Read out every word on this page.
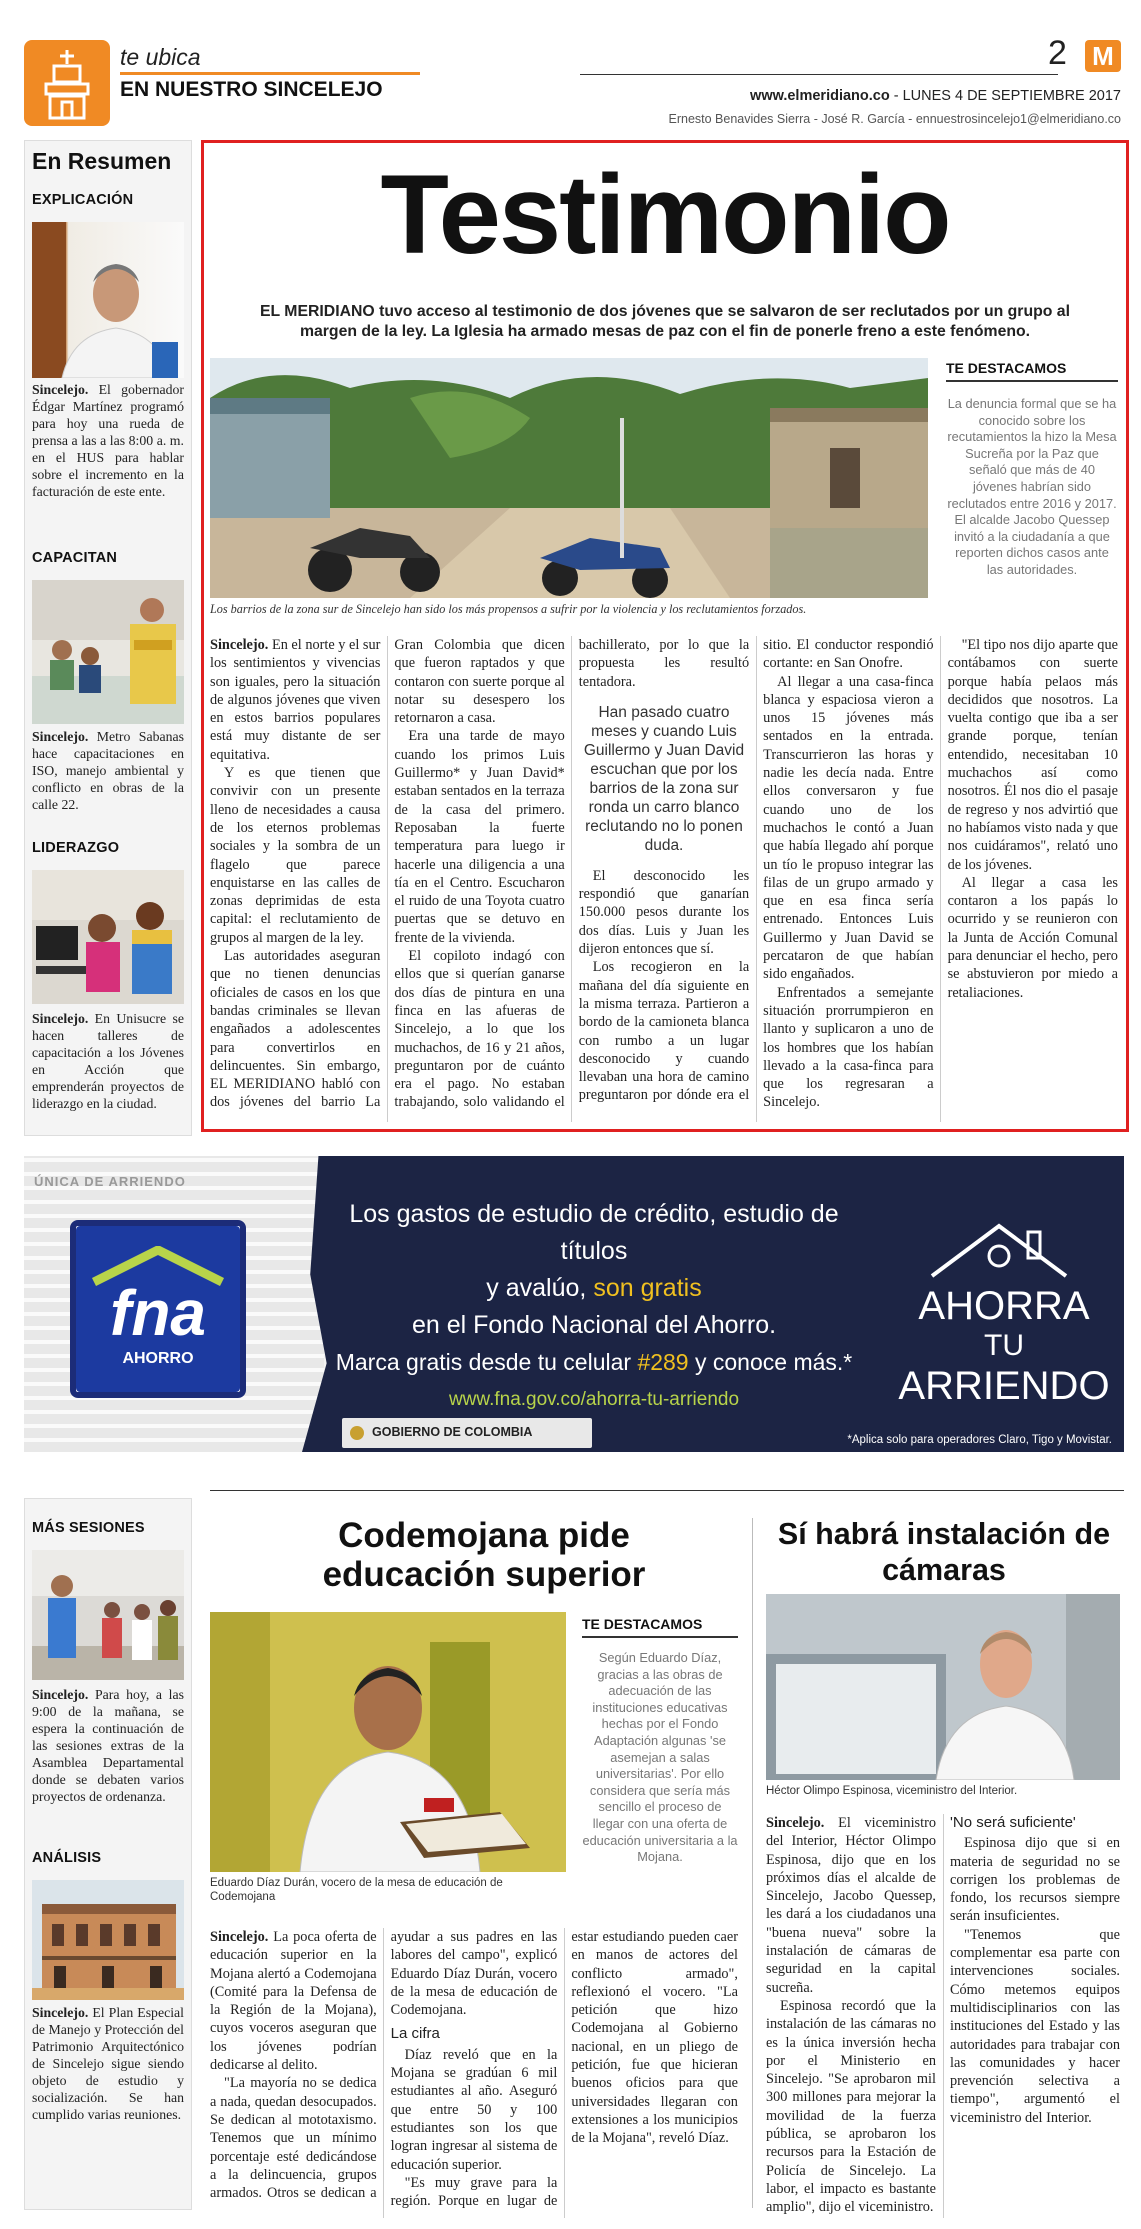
te ubica
EN NUESTRO SINCELEJO
2 M
www.elmeridiano.co - LUNES 4 DE SEPTIEMBRE 2017
Ernesto Benavides Sierra - José R. García - ennuestrosincelejo1@elmeridiano.co
En Resumen
EXPLICACIÓN
Sincelejo. El gobernador Édgar Martínez programó para hoy una rueda de prensa a las a las 8:00 a. m. en el HUS para hablar sobre el incremento en la facturación de este ente.
CAPACITAN
Sincelejo. Metro Sabanas hace capacitaciones en ISO, manejo ambiental y conflicto en obras de la calle 22.
LIDERAZGO
Sincelejo. En Unisucre se hacen talleres de capacitación a los Jóvenes en Acción que emprenderán proyectos de liderazgo en la ciudad.
Testimonio
EL MERIDIANO tuvo acceso al testimonio de dos jóvenes que se salvaron de ser reclutados por un grupo al margen de la ley. La Iglesia ha armado mesas de paz con el fin de ponerle freno a este fenómeno.
Los barrios de la zona sur de Sincelejo han sido los más propensos a sufrir por la violencia y los reclutamientos forzados.
TE DESTACAMOS
La denuncia formal que se ha conocido sobre los recutamientos la hizo la Mesa Sucreña por la Paz que señaló que más de 40 jóvenes habrían sido reclutados entre 2016 y 2017. El alcalde Jacobo Quessep invitó a la ciudadanía a que reporten dichos casos ante las autoridades.

Sincelejo. En el norte y el sur los sentimientos y vivencias son iguales, pero la situación de algunos jóvenes que viven en estos barrios populares está muy distante de ser equitativa.

Y es que tienen que convivir con un presente lleno de necesidades a causa de los eternos problemas sociales y la sombra de un flagelo que parece enquistarse en las calles de zonas deprimidas de esta capital: el reclutamiento de grupos al margen de la ley.

Las autoridades aseguran que no tienen denuncias oficiales de casos en los que bandas criminales se llevan engañados a adolescentes para convertirlos en delincuentes. Sin embargo, EL MERIDIANO habló con dos jóvenes del barrio La Gran Colombia que dicen que fueron raptados y que contaron con suerte porque al notar su desespero los retornaron a casa.

Era una tarde de mayo cuando los primos Luis Guillermo* y Juan David* estaban sentados en la terraza de la casa del primero. Reposaban la fuerte temperatura para luego ir hacerle una diligencia a una tía en el Centro. Escucharon el ruido de una Toyota cuatro puertas que se detuvo en frente de la vivienda.

El copiloto indagó con ellos que si querían ganarse dos días de pintura en una finca en las afueras de Sincelejo, a lo que los muchachos, de 16 y 21 años, preguntaron por de cuánto era el pago. No estaban trabajando, solo validando el bachillerato, por lo que la propuesta les resultó tentadora.

Han pasado cuatro meses y cuando Luis Guillermo y Juan David escuchan que por los barrios de la zona sur ronda un carro blanco reclutando no lo ponen duda.

El desconocido les respondió que ganarían 150.000 pesos durante los dos días. Luis y Juan les dijeron entonces que sí.

Los recogieron en la mañana del día siguiente en la misma terraza. Partieron a bordo de la camioneta blanca con rumbo a un lugar desconocido y cuando llevaban una hora de camino preguntaron por dónde era el sitio. El conductor respondió cortante: en San Onofre.

Al llegar a una casa-finca blanca y espaciosa vieron a unos 15 jóvenes más sentados en la entrada. Transcurrieron las horas y nadie les decía nada. Entre ellos conversaron y fue cuando uno de los muchachos le contó a Juan que había llegado ahí porque un tío le propuso integrar las filas de un grupo armado y que en esa finca sería entrenado. Entonces Luis Guillermo y Juan David se percataron de que habían sido engañados.

Enfrentados a semejante situación prorrumpieron en llanto y suplicaron a uno de los hombres que los habían llevado a la casa-finca para que los regresaran a Sincelejo.

"El tipo nos dijo aparte que contábamos con suerte porque había pelaos más decididos que nosotros. La vuelta contigo que iba a ser grande porque, tenían entendido, necesitaban 10 muchachos así como nosotros. Él nos dio el pasaje de regreso y nos advirtió que no habíamos visto nada y que nos cuidáramos", relató uno de los jóvenes.

Al llegar a casa les contaron a los papás lo ocurrido y se reunieron con la Junta de Acción Comunal para denunciar el hecho, pero se abstuvieron por miedo a retaliaciones.

ÚNICA DE ARRIENDO
fna
AHORRO
Los gastos de estudio de crédito, estudio de títulos
y avalúo, son gratis
en el Fondo Nacional del Ahorro.
Marca gratis desde tu celular #289 y conoce más.*
www.fna.gov.co/ahorra-tu-arriendo
AHORRA
TU
ARRIENDO
GOBIERNO DE COLOMBIA
*Aplica solo para operadores Claro, Tigo y Movistar.
MÁS SESIONES
Sincelejo. Para hoy, a las 9:00 de la mañana, se espera la continuación de las sesiones extras de la Asamblea Departamental donde se debaten varios proyectos de ordenanza.
ANÁLISIS
Sincelejo. El Plan Especial de Manejo y Protección del Patrimonio Arquitectónico de Sincelejo sigue siendo objeto de estudio y socialización. Se han cumplido varias reuniones.
Codemojana pide educación superior
Eduardo Díaz Durán, vocero de la mesa de educación de Codemojana
TE DESTACAMOS
Según Eduardo Díaz, gracias a las obras de adecuación de las instituciones educativas hechas por el Fondo Adaptación algunas 'se asemejan a salas universitarias'. Por ello considera que sería más sencillo el proceso de llegar con una oferta de educación universitaria a la Mojana.

Sincelejo. La poca oferta de educación superior en la Mojana alertó a Codemojana (Comité para la Defensa de la Región de la Mojana), cuyos voceros aseguran que los jóvenes podrían dedicarse al delito.

"La mayoría no se dedica a nada, quedan desocupados. Se dedican al mototaxismo. Tenemos que un mínimo porcentaje esté dedicándose a la delincuencia, grupos armados. Otros se dedican a ayudar a sus padres en las labores del campo", explicó Eduardo Díaz Durán, vocero de la mesa de educación de Codemojana.

La cifra

Díaz reveló que en la Mojana se gradúan 6 mil estudiantes al año. Aseguró que entre 50 y 100 estudiantes son los que logran ingresar al sistema de educación superior.

"Es muy grave para la región. Porque en lugar de estar estudiando pueden caer en manos de actores del conflicto armado", reflexionó el vocero. "La petición que hizo Codemojana al Gobierno nacional, en un pliego de petición, fue que hicieran buenos oficios para que universidades llegaran con extensiones a los municipios de la Mojana", reveló Díaz.

Sí habrá instalación de cámaras
Héctor Olimpo Espinosa, viceministro del Interior.

Sincelejo. El viceministro del Interior, Héctor Olimpo Espinosa, dijo que en los próximos días el alcalde de Sincelejo, Jacobo Quessep, les dará a los ciudadanos una "buena nueva" sobre la instalación de cámaras de seguridad en la capital sucreña.

Espinosa recordó que la instalación de las cámaras no es la única inversión hecha por el Ministerio en Sincelejo. "Se aprobaron mil 300 millones para mejorar la movilidad de la fuerza pública, se aprobaron los recursos para la Estación de Policía de Sincelejo. La labor, el impacto es bastante amplio", dijo el viceministro.

'No será suficiente'

Espinosa dijo que si en materia de seguridad no se corrigen los problemas de fondo, los recursos siempre serán insuficientes.

"Tenemos que complementar esa parte con intervenciones sociales. Cómo metemos equipos multidisciplinarios con las instituciones del Estado y las autoridades para trabajar con las comunidades y hacer prevención selectiva a tiempo", argumentó el viceministro del Interior.
